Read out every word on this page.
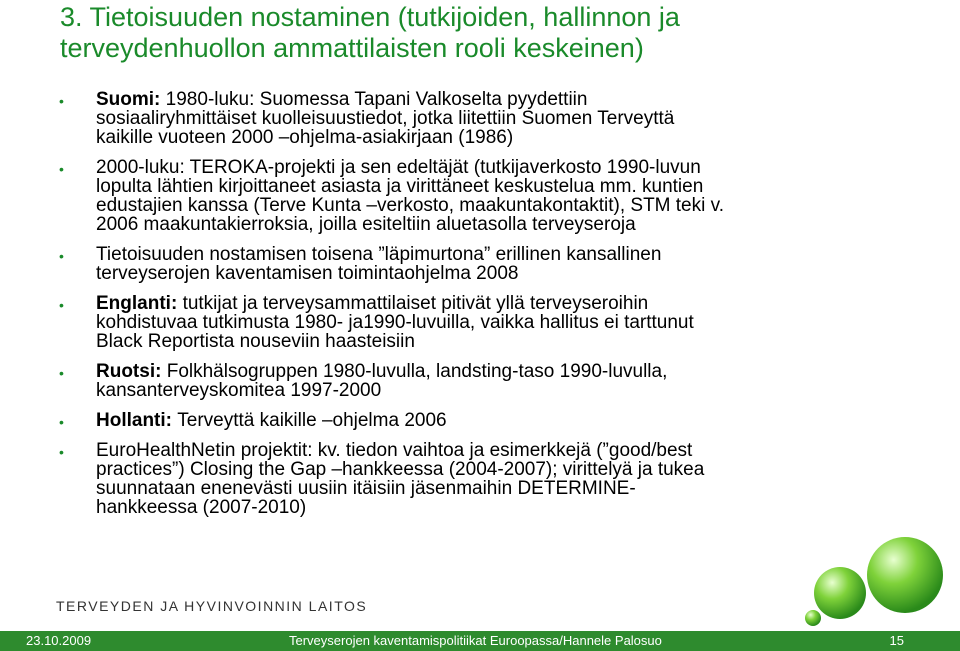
3. Tietoisuuden nostaminen (tutkijoiden, hallinnon ja
terveydenhuollon ammattilaisten rooli keskeinen)
• Suomi: 1980-luku: Suomessa Tapani Valkoselta pyydettiin
sosiaaliryhmittäiset kuolleisuustiedot, jotka liitettiin Suomen Terveyttä
kaikille vuoteen 2000 –ohjelma-asiakirjaan (1986)
• 2000-luku: TEROKA-projekti ja sen edeltäjät (tutkijaverkosto 1990-luvun
lopulta lähtien kirjoittaneet asiasta ja virittäneet keskustelua mm. kuntien
edustajien kanssa (Terve Kunta –verkosto, maakuntakontaktit), STM teki v.
2006 maakuntakierroksia, joilla esiteltiin aluetasolla terveyseroja
• Tietoisuuden nostamisen toisena ”läpimurtona” erillinen kansallinen
terveyserojen kaventamisen toimintaohjelma 2008
• Englanti: tutkijat ja terveysammattilaiset pitivät yllä terveyseroihin
kohdistuvaa tutkimusta 1980- ja1990-luvuilla, vaikka hallitus ei tarttunut
Black Reportista nouseviin haasteisiin
• Ruotsi: Folkhälsogruppen 1980-luvulla, landsting-taso 1990-luvulla,
kansanterveyskomitea 1997-2000
• Hollanti: Terveyttä kaikille –ohjelma 2006
• EuroHealthNetin projektit: kv. tiedon vaihtoa ja esimerkkejä (”good/best
practices”) Closing the Gap –hankkeessa (2004-2007); virittelyä ja tukea
suunnataan enenevästi uusiin itäisiin jäsenmaihin DETERMINE-
hankkeessa (2007-2010)
TERVEYDEN JA HYVINVOINNIN LAITOS
23.10.2009	Terveyserojen kaventamispolitiikat Euroopassa/Hannele Palosuo	15
